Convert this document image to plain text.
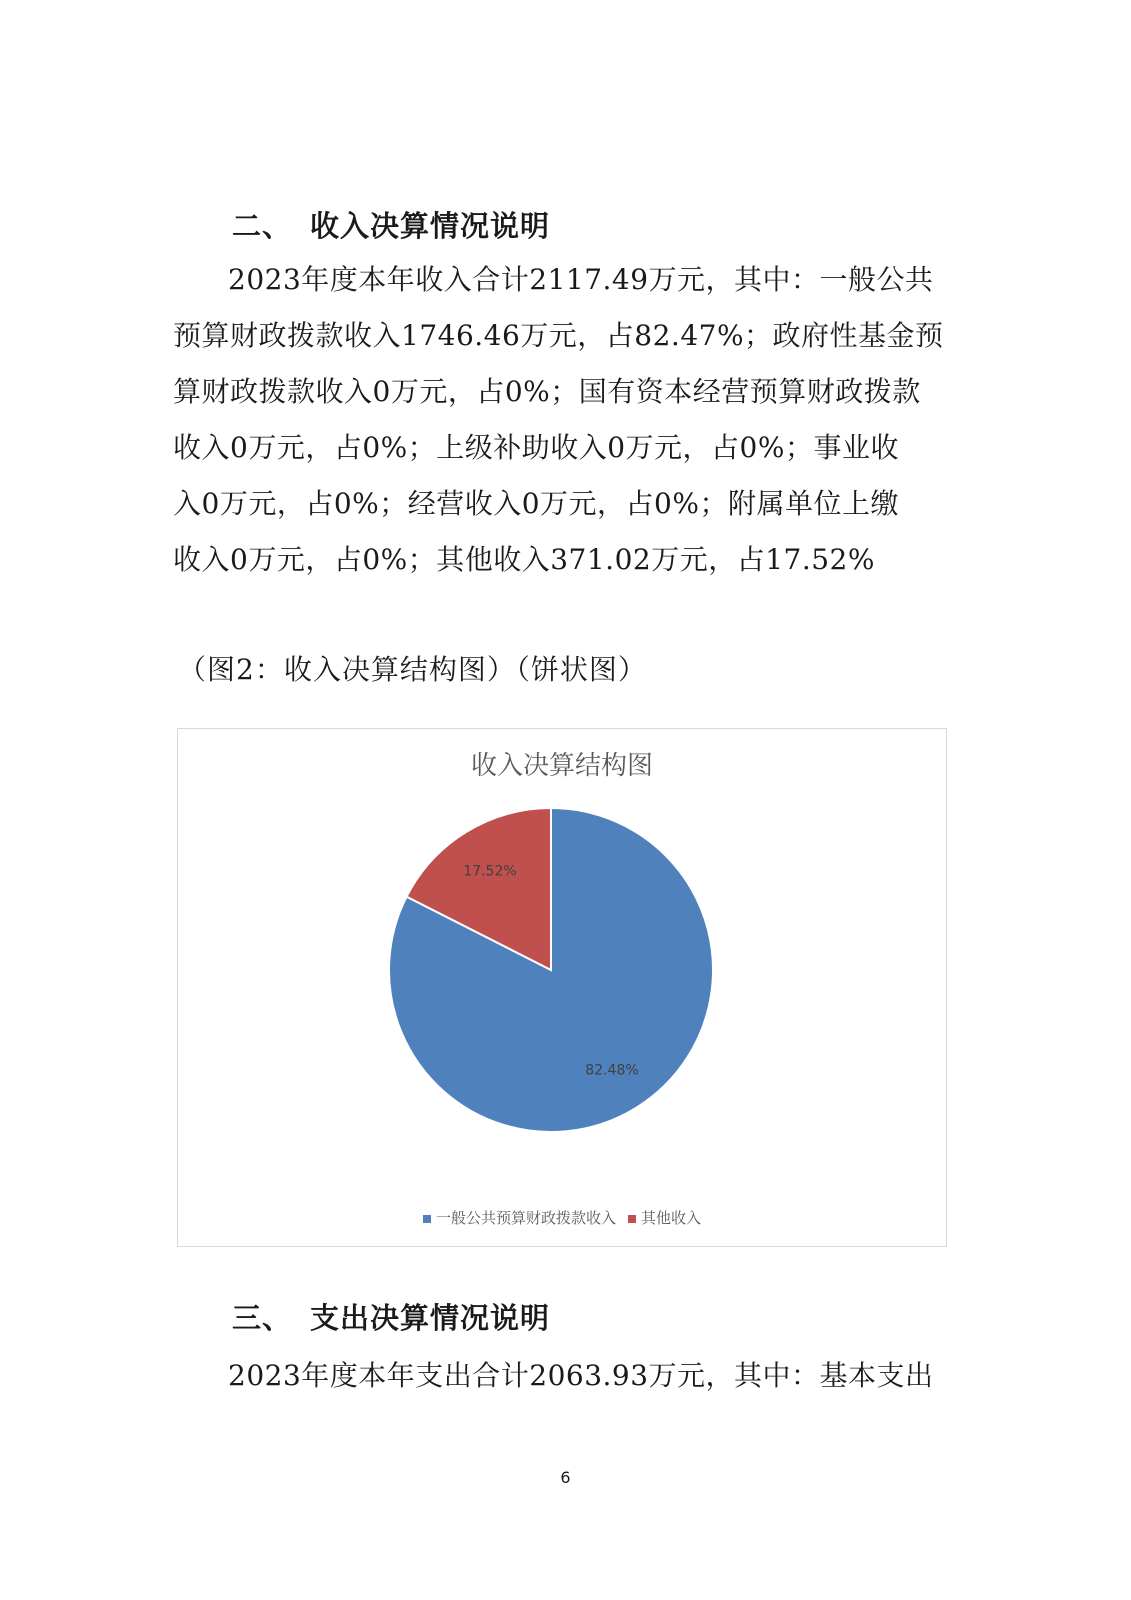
二、 收入决算情况说明
2023年度本年收入合计2117.49万元，其中：一般公共
预算财政拨款收入1746.46万元，占82.47%；政府性基金预
算财政拨款收入0万元，占0%；国有资本经营预算财政拨款
收入0万元，占0%；上级补助收入0万元，占0%；事业收
入0万元，占0%；经营收入0万元，占0%；附属单位上缴
收入0万元，占0%；其他收入371.02万元，占17.52%
（图2：收入决算结构图）（饼状图）
收入决算结构图
82.48%
17.52%
一般公共预算财政拨款收入 其他收入
三、 支出决算情况说明
2023年度本年支出合计2063.93万元，其中：基本支出
6
